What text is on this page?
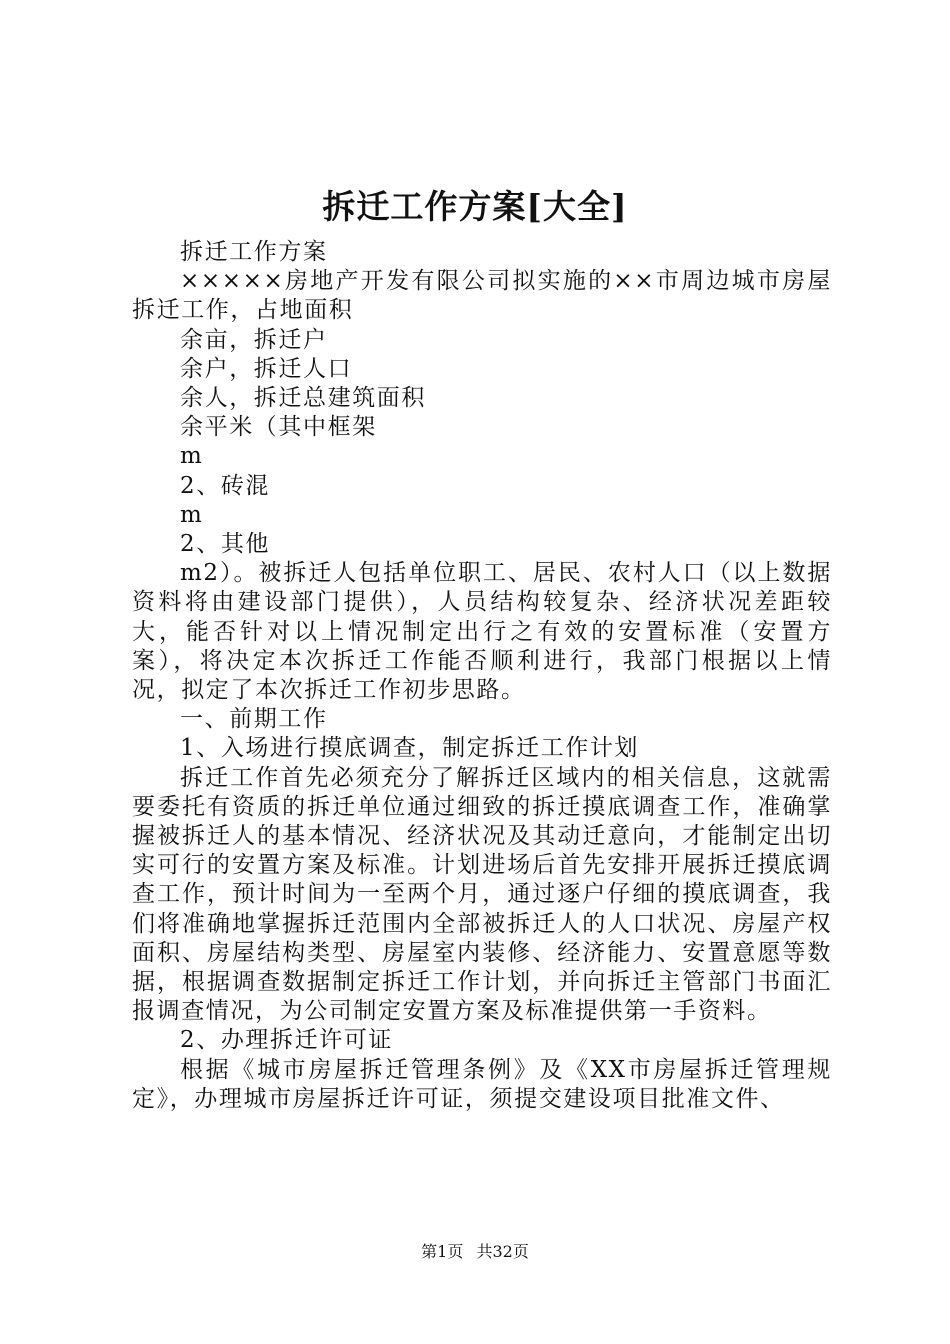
拆迁工作方案[大全]

拆迁工作方案

×××××房地产开发有限公司拟实施的××市周边城市房屋拆迁工作，占地面积

余亩，拆迁户

余户，拆迁人口

余人，拆迁总建筑面积

余平米（其中框架

m

2、砖混

m

2、其他

m2）。被拆迁人包括单位职工、居民、农村人口（以上数据资料将由建设部门提供），人员结构较复杂、经济状况差距较大，能否针对以上情况制定出行之有效的安置标准（安置方案），将决定本次拆迁工作能否顺利进行，我部门根据以上情况，拟定了本次拆迁工作初步思路。

一、前期工作

1、入场进行摸底调查，制定拆迁工作计划

拆迁工作首先必须充分了解拆迁区域内的相关信息，这就需要委托有资质的拆迁单位通过细致的拆迁摸底调查工作，准确掌握被拆迁人的基本情况、经济状况及其动迁意向，才能制定出切实可行的安置方案及标准。计划进场后首先安排开展拆迁摸底调查工作，预计时间为一至两个月，通过逐户仔细的摸底调查，我们将准确地掌握拆迁范围内全部被拆迁人的人口状况、房屋产权面积、房屋结构类型、房屋室内装修、经济能力、安置意愿等数据，根据调查数据制定拆迁工作计划，并向拆迁主管部门书面汇报调查情况，为公司制定安置方案及标准提供第一手资料。

2、办理拆迁许可证

根据《城市房屋拆迁管理条例》及《XX市房屋拆迁管理规定》，办理城市房屋拆迁许可证，须提交建设项目批准文件、

第1页 共32页
